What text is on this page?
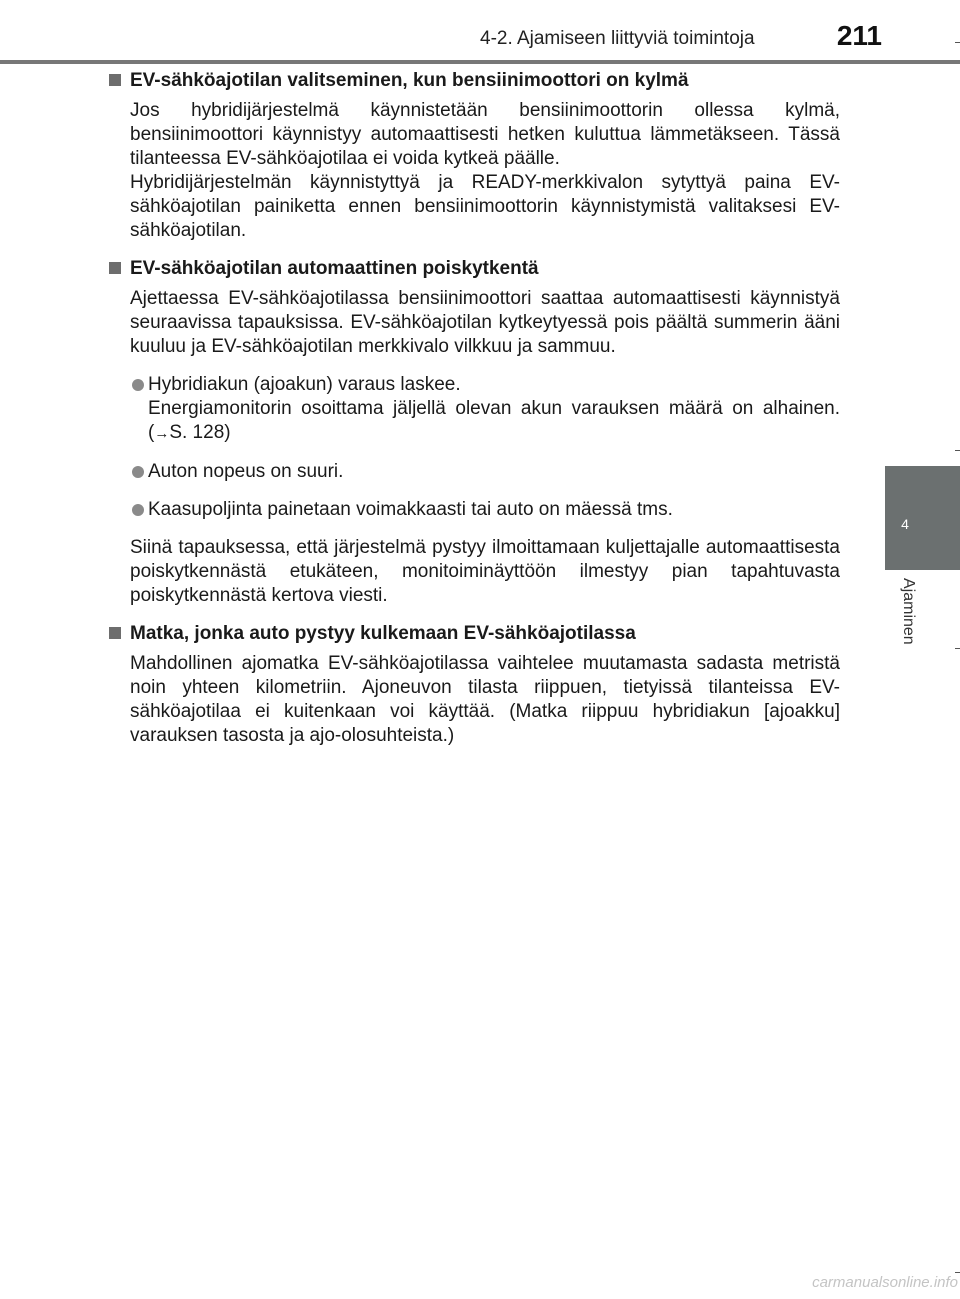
4-2. Ajamiseen liittyviä toimintoja	211
4
Ajaminen
EV-sähköajotilan valitseminen, kun bensiinimoottori on kylmä
Jos hybridijärjestelmä käynnistetään bensiinimoottorin ollessa kylmä, bensiinimoottori käynnistyy automaattisesti hetken kuluttua lämmetäkseen. Tässä tilanteessa EV-sähköajotilaa ei voida kytkeä päälle.
Hybridijärjestelmän käynnistyttyä ja READY-merkkivalon sytyttyä paina EV-sähköajotilan painiketta ennen bensiinimoottorin käynnistymistä valitaksesi EV-sähköajotilan.
EV-sähköajotilan automaattinen poiskytkentä
Ajettaessa EV-sähköajotilassa bensiinimoottori saattaa automaattisesti käynnistyä seuraavissa tapauksissa. EV-sähköajotilan kytkeytyessä pois päältä summerin ääni kuuluu ja EV-sähköajotilan merkkivalo vilkkuu ja sammuu.
Hybridiakun (ajoakun) varaus laskee.
Energiamonitorin osoittama jäljellä olevan akun varauksen määrä on alhainen. (→S. 128)
Auton nopeus on suuri.
Kaasupoljinta painetaan voimakkaasti tai auto on mäessä tms.
Siinä tapauksessa, että järjestelmä pystyy ilmoittamaan kuljettajalle automaattisesta poiskytkennästä etukäteen, monitoiminäyttöön ilmestyy pian tapahtuvasta poiskytkennästä kertova viesti.
Matka, jonka auto pystyy kulkemaan EV-sähköajotilassa
Mahdollinen ajomatka EV-sähköajotilassa vaihtelee muutamasta sadasta metristä noin yhteen kilometriin. Ajoneuvon tilasta riippuen, tietyissä tilanteissa EV-sähköajotilaa ei kuitenkaan voi käyttää. (Matka riippuu hybridiakun [ajoakku] varauksen tasosta ja ajo-olosuhteista.)
carmanualsonline.info
